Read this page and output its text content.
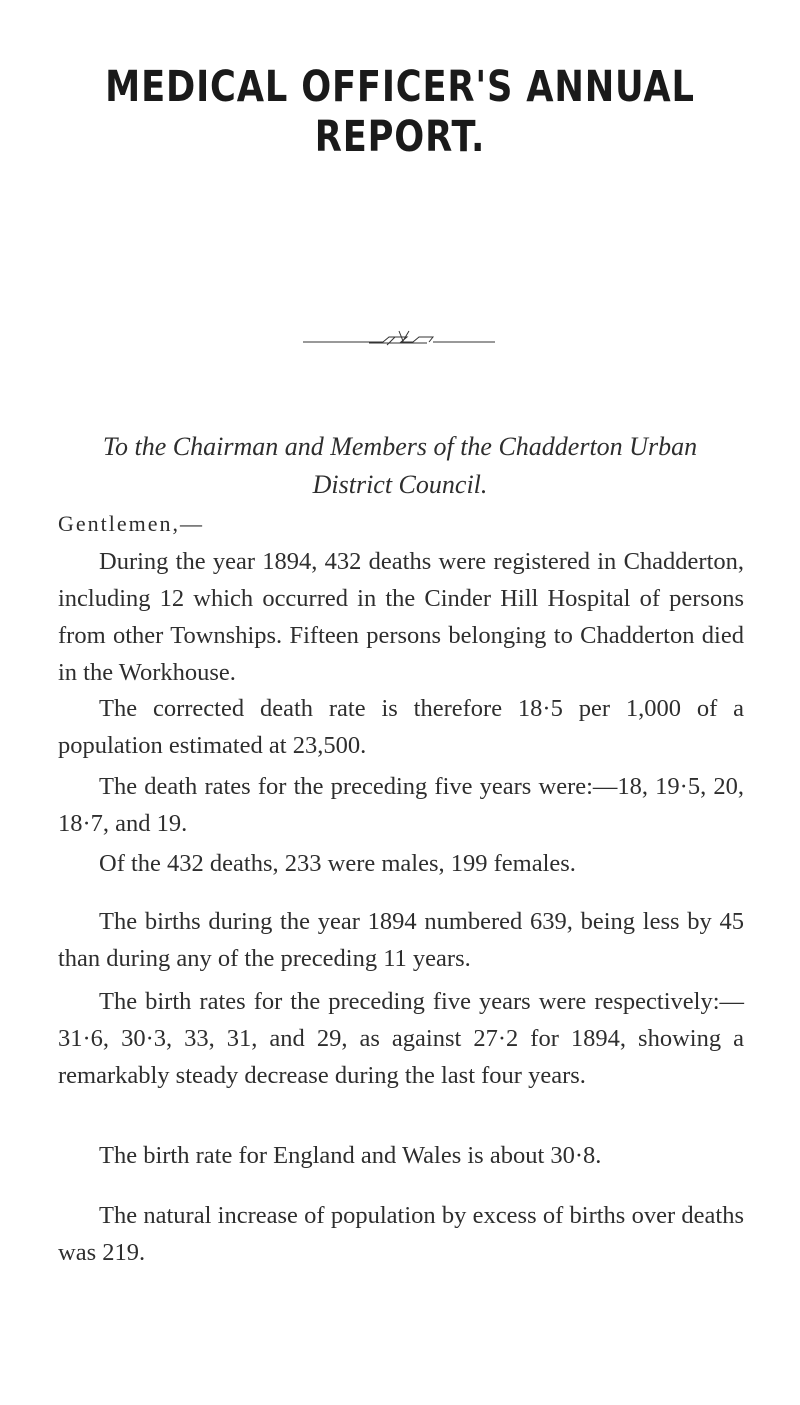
MEDICAL OFFICER'S ANNUAL REPORT.
To the Chairman and Members of the Chadderton Urban
District Council.
Gentlemen,—

During the year 1894, 432 deaths were registered in Chadderton, including 12 which occurred in the Cinder Hill Hospital of persons from other Townships. Fifteen persons belonging to Chadderton died in the Workhouse.

The corrected death rate is therefore 18·5 per 1,000 of a population estimated at 23,500.

The death rates for the preceding five years were:—18, 19·5, 20, 18·7, and 19.

Of the 432 deaths, 233 were males, 199 females.

The births during the year 1894 numbered 639, being less by 45 than during any of the preceding 11 years.

The birth rates for the preceding five years were respectively:—31·6, 30·3, 33, 31, and 29, as against 27·2 for 1894, showing a remarkably steady decrease during the last four years.

The birth rate for England and Wales is about 30·8.

The natural increase of population by excess of births over deaths was 219.
